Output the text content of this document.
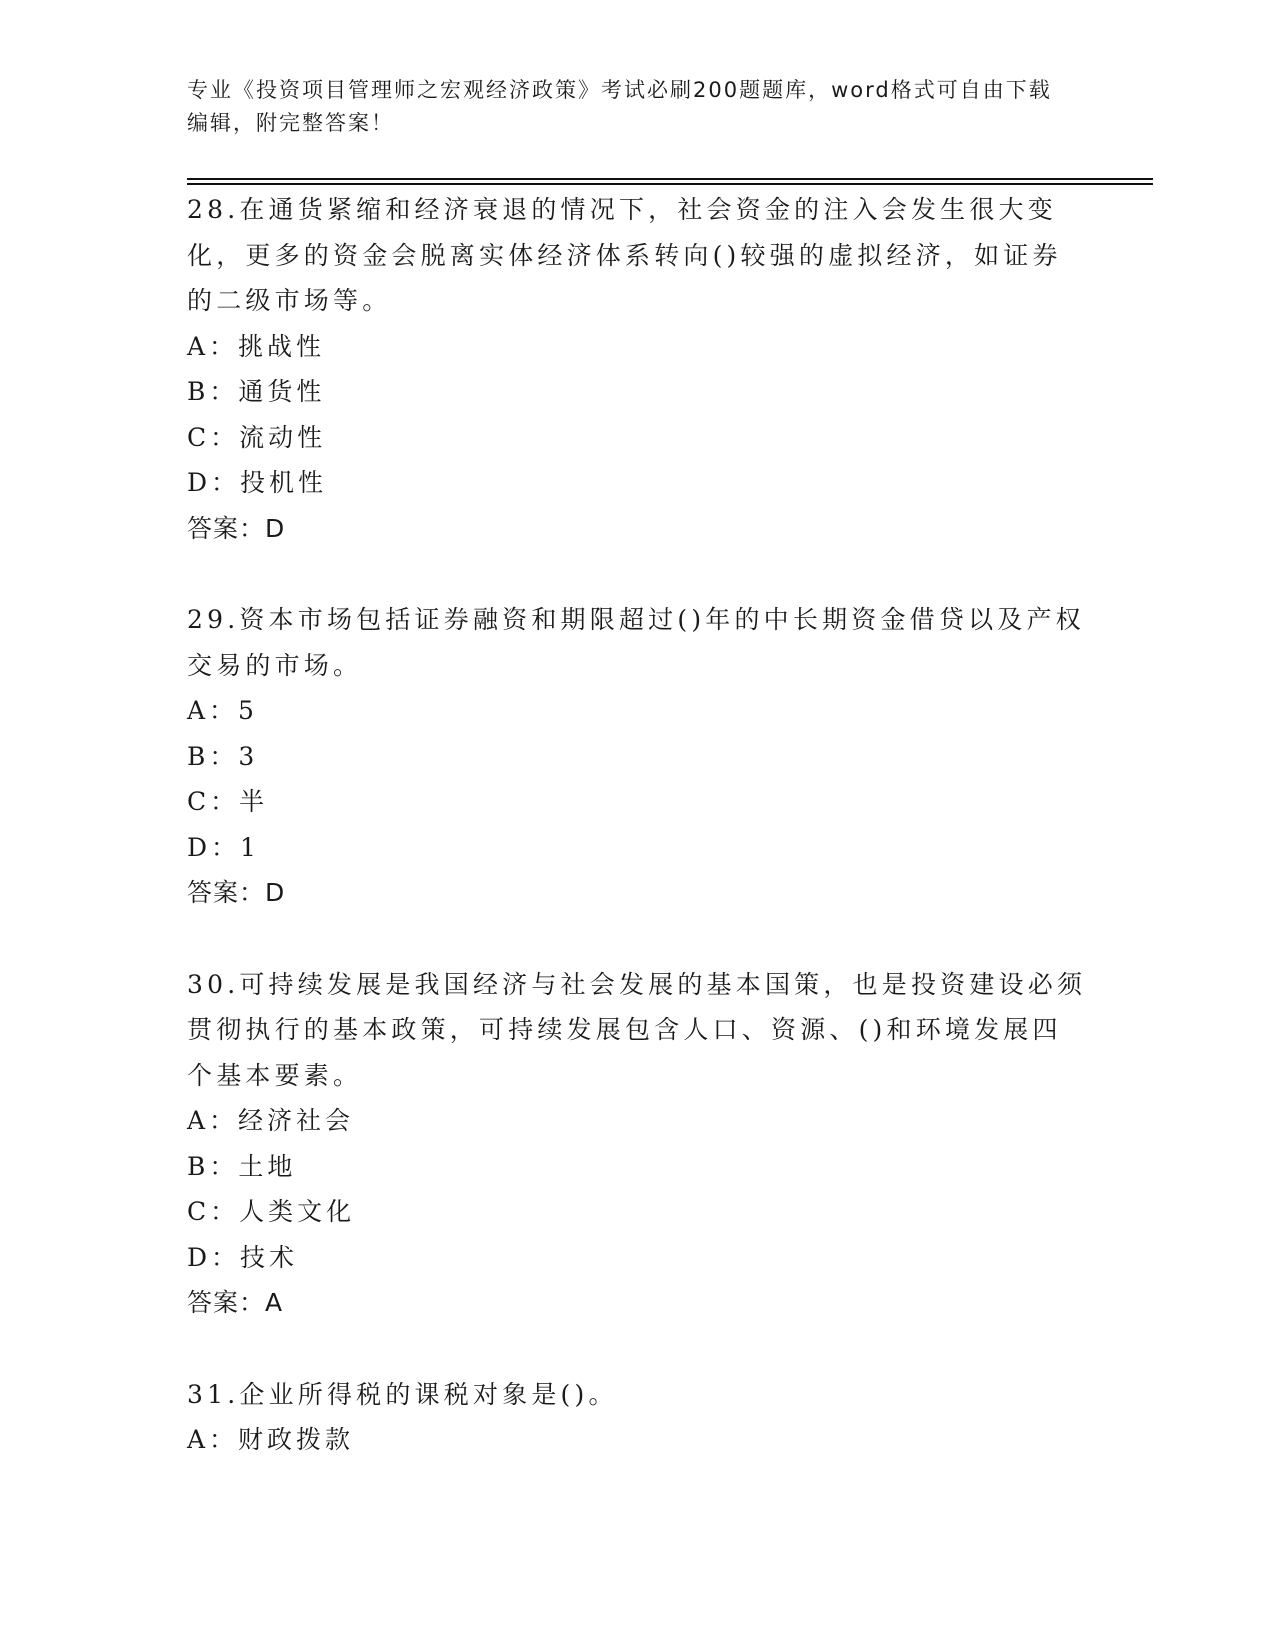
专业《投资项目管理师之宏观经济政策》考试必刷200题题库，word格式可自由下载编辑，附完整答案！
28.在通货紧缩和经济衰退的情况下，社会资金的注入会发生很大变化，更多的资金会脱离实体经济体系转向()较强的虚拟经济，如证券的二级市场等。
A：挑战性
B：通货性
C：流动性
D：投机性
答案：D
29.资本市场包括证券融资和期限超过()年的中长期资金借贷以及产权交易的市场。
A：5
B：3
C：半
D：1
答案：D
30.可持续发展是我国经济与社会发展的基本国策，也是投资建设必须贯彻执行的基本政策，可持续发展包含人口、资源、()和环境发展四个基本要素。
A：经济社会
B：土地
C：人类文化
D：技术
答案：A
31.企业所得税的课税对象是()。
A：财政拨款
